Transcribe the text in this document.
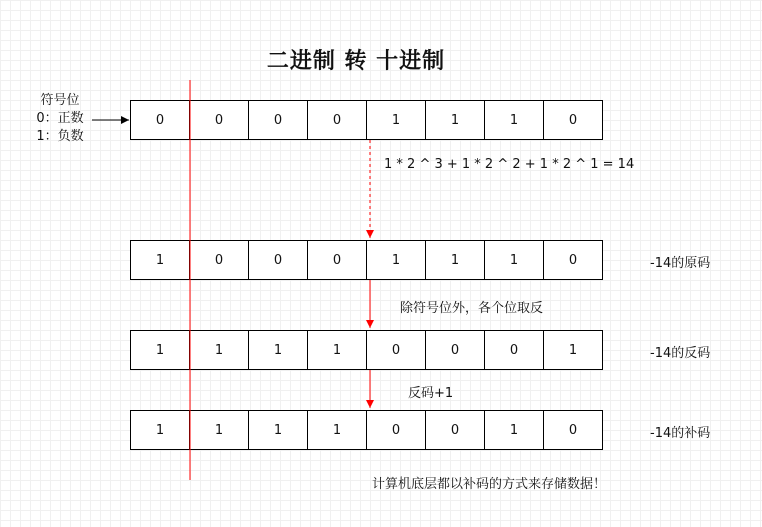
二进制 转 十进制
符号位
0：正数
1：负数
0	0	0	0	1	1	1	0
1	0	0	0	1	1	1	0
1	1	1	1	0	0	0	1
1	1	1	1	0	0	1	0
-14的原码
-14的反码
-14的补码
1 * 2 ^ 3 + 1 * 2 ^ 2 + 1 * 2 ^ 1 = 14
除符号位外，各个位取反
反码+1
计算机底层都以补码的方式来存储数据！
